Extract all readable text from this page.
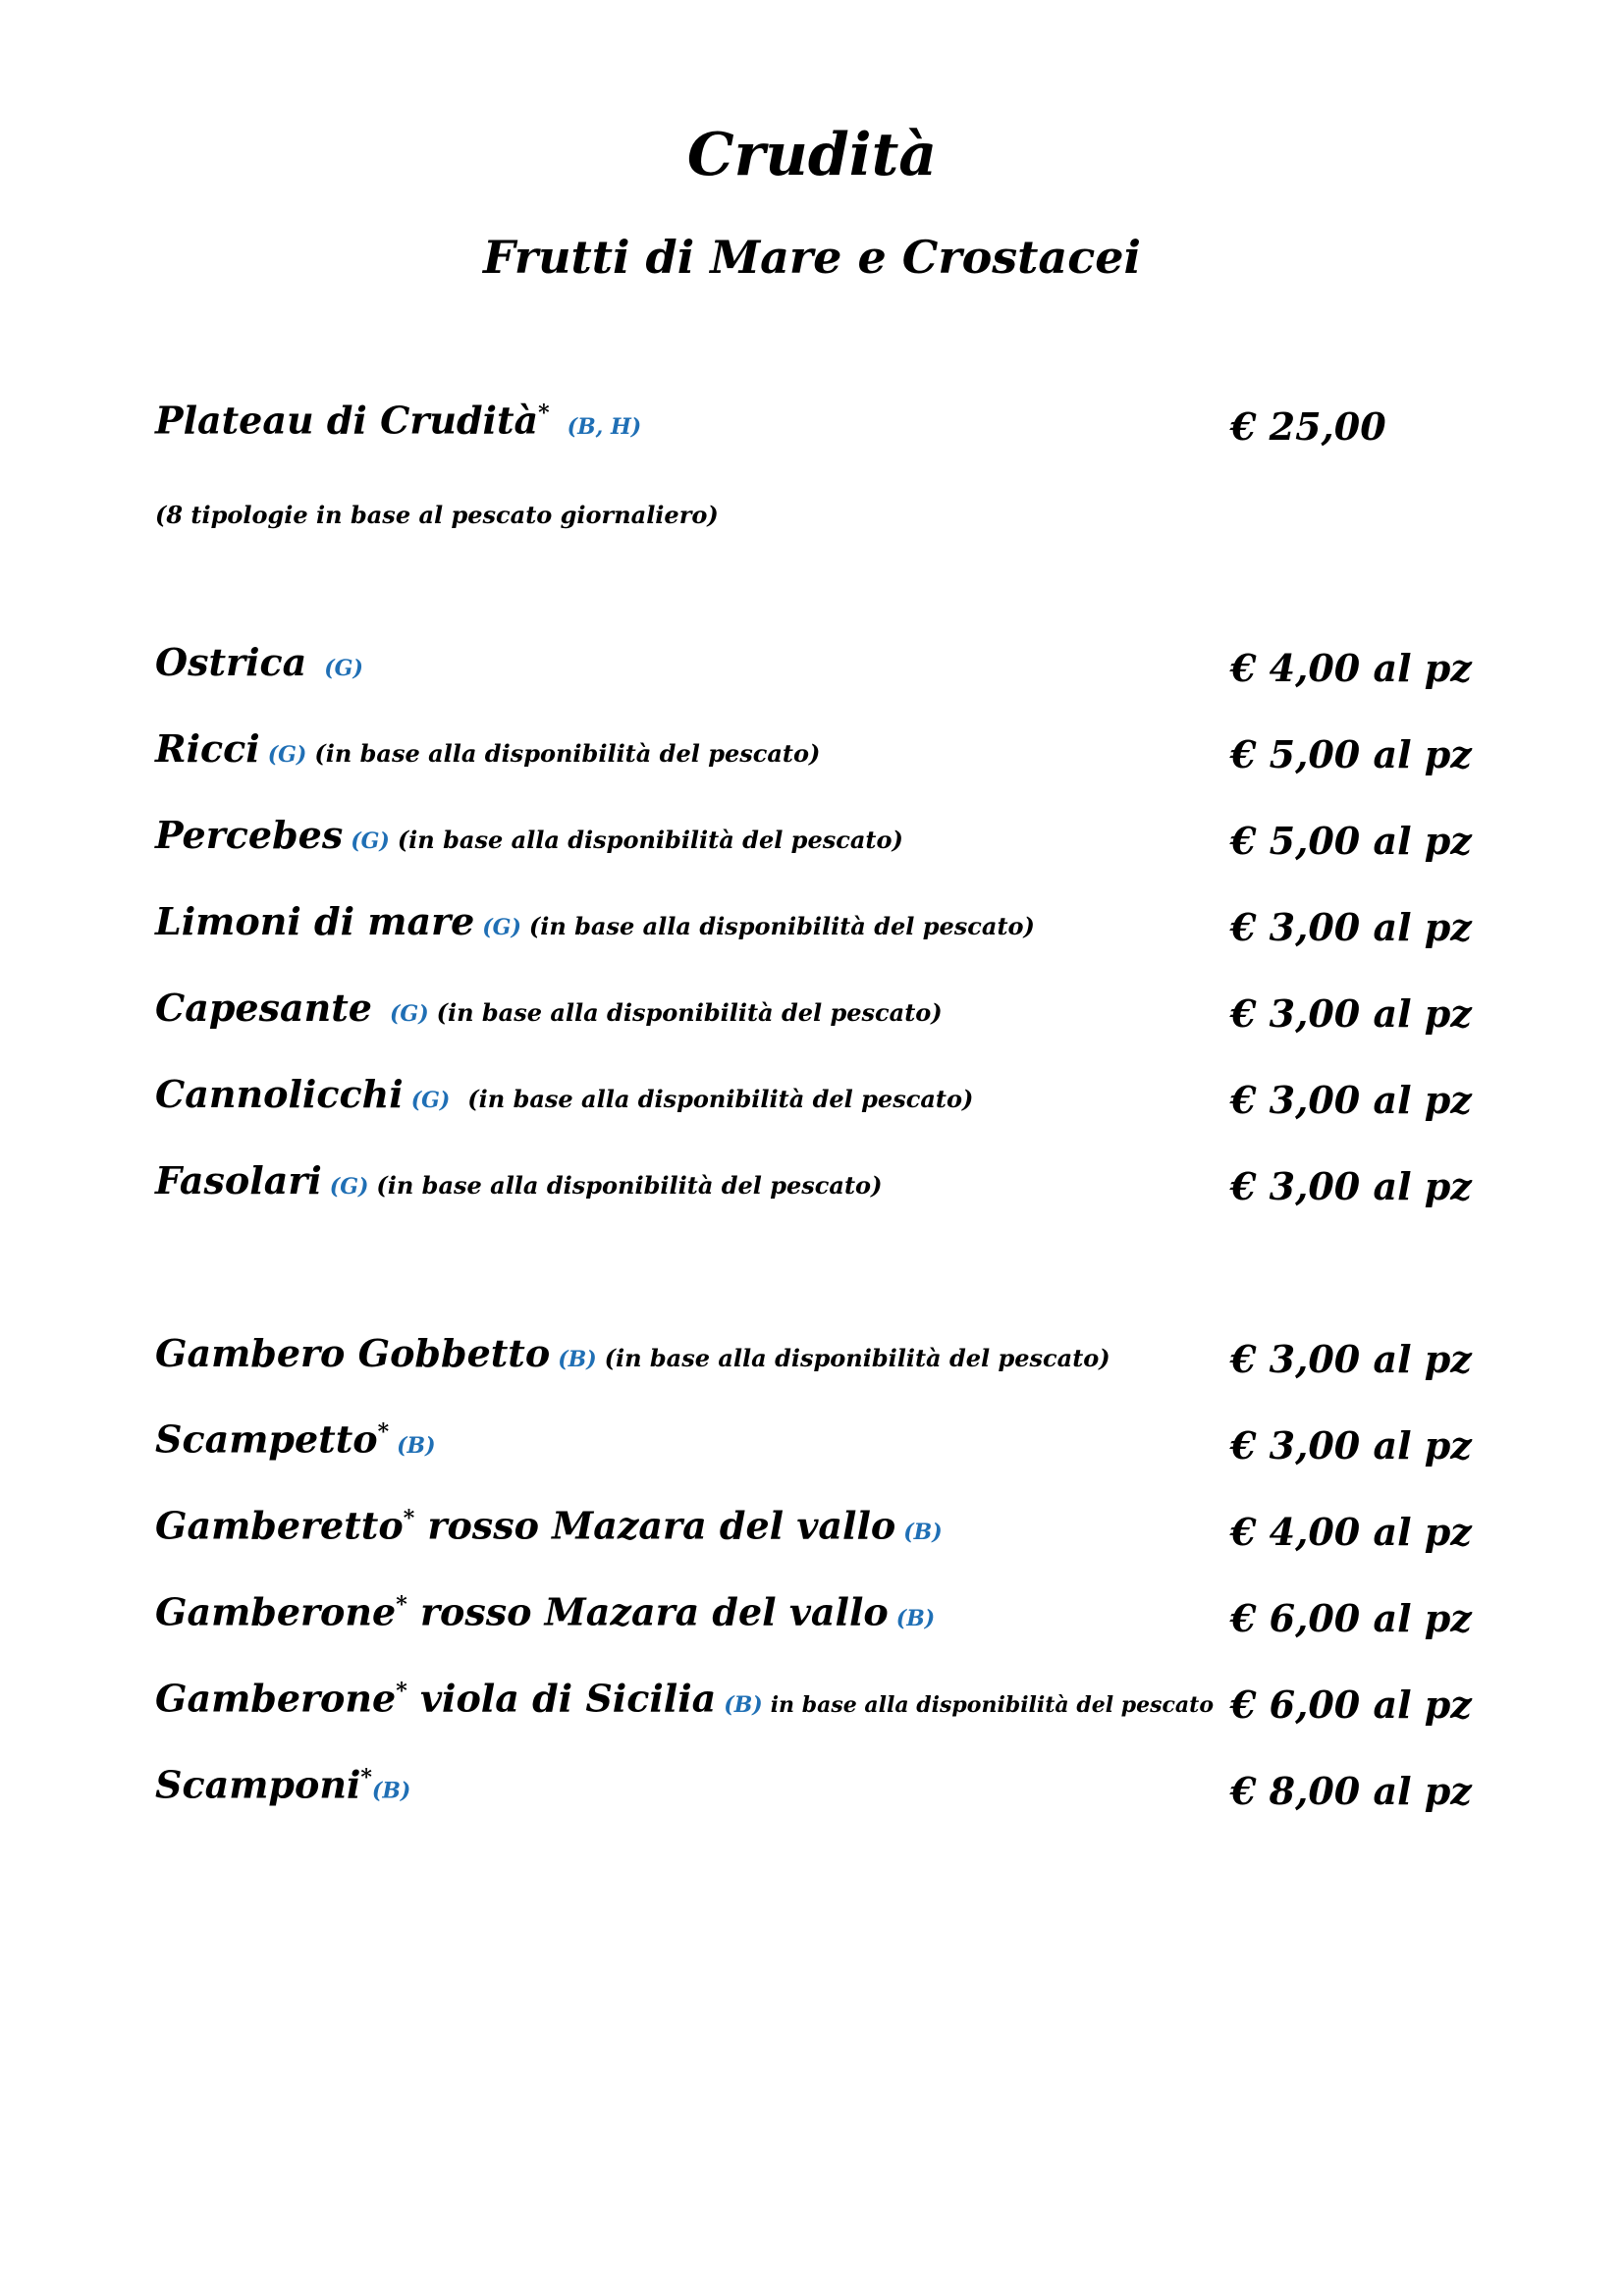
Crudità
Frutti di Mare e Crostacei
Plateau di Crudità*(B, H)	€ 25,00
(8 tipologie in base al pescato giornaliero)
Ostrica (G)	€ 4,00 al pz
Ricci (G) (in base alla disponibilità del pescato)	€ 5,00 al pz
Percebes (G) (in base alla disponibilità del pescato)	€ 5,00 al pz
Limoni di mare (G) (in base alla disponibilità del pescato)	€ 3,00 al pz
Capesante (G) (in base alla disponibilità del pescato)	€ 3,00 al pz
Cannolicchi (G) (in base alla disponibilità del pescato)	€ 3,00 al pz
Fasolari (G) (in base alla disponibilità del pescato)	€ 3,00 al pz
Gambero Gobbetto (B) (in base alla disponibilità del pescato)	€ 3,00 al pz
Scampetto*(B)	€ 3,00 al pz
Gamberetto* rosso Mazara del vallo (B)	€ 4,00 al pz
Gamberone* rosso Mazara del vallo (B)	€ 6,00 al pz
Gamberone* viola di Sicilia (B) in base alla disponibilità del pescato € 6,00 al pz
Scamponi*(B)	€ 8,00 al pz
